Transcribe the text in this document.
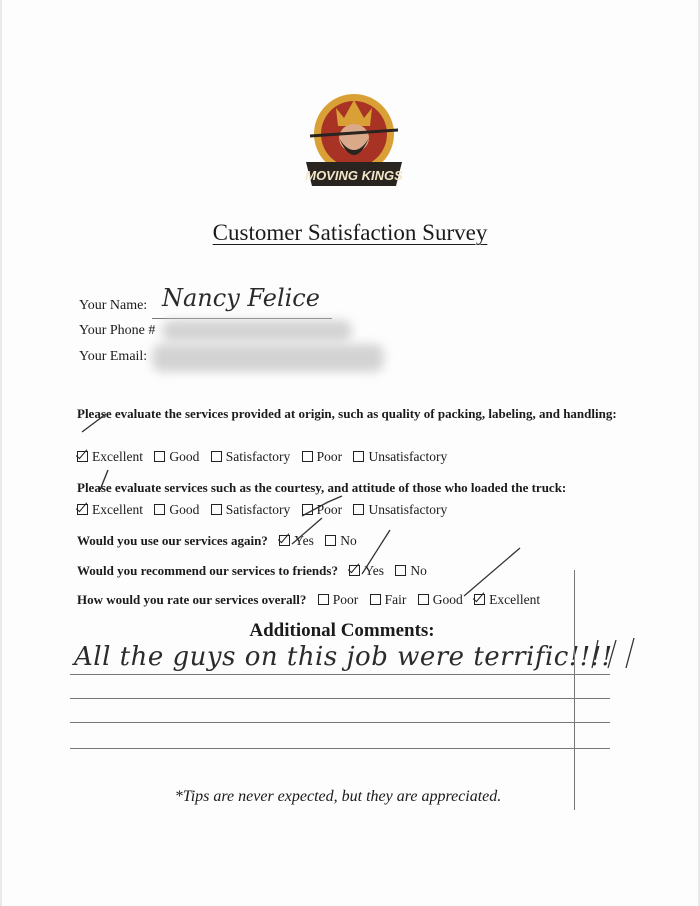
MOVING KINGS
Customer Satisfaction Survey
Your Name: Nancy Felice
Your Phone #
Your Email:
Please evaluate the services provided at origin, such as quality of packing, labeling, and handling:
Excellent Good Satisfactory Poor Unsatisfactory
Please evaluate services such as the courtesy, and attitude of those who loaded the truck:
Excellent Good Satisfactory Poor Unsatisfactory
Would you use our services again? Yes No
Would you recommend our services to friends? Yes No
How would you rate our services overall? Poor Fair Good Excellent
Additional Comments:
All the guys on this job were terrific!!!!
*Tips are never expected, but they are appreciated.
